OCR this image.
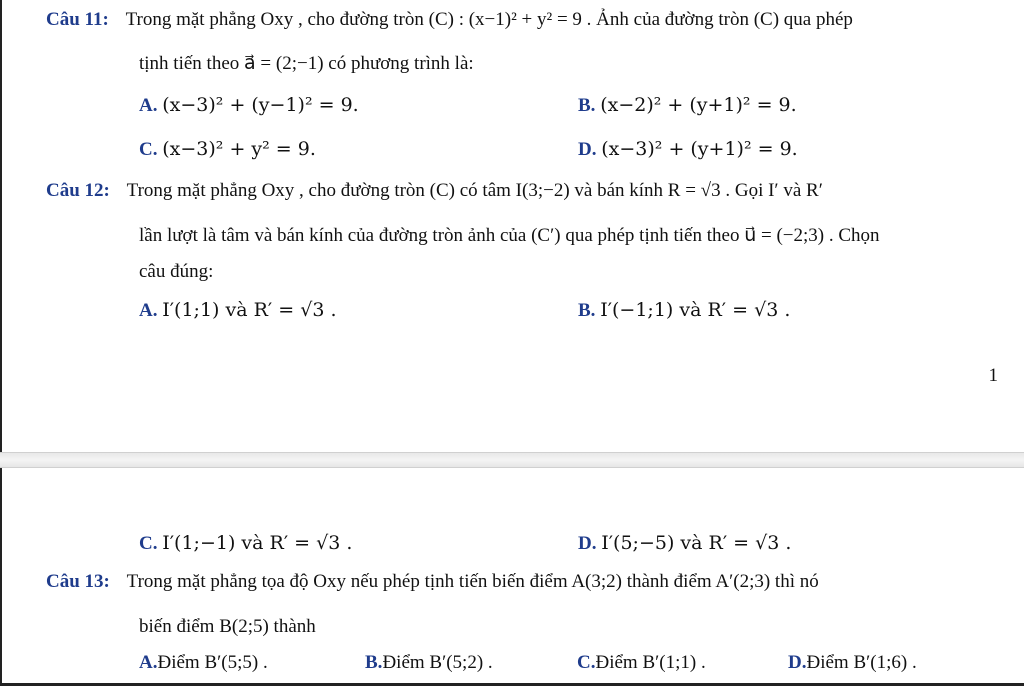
Câu 11: Trong mặt phẳng Oxy , cho đường tròn (C) : (x−1)² + y² = 9 . Ảnh của đường tròn (C) qua phép
tịnh tiến theo a⃗ = (2;−1) có phương trình là:
A. (x−3)² + (y−1)² = 9.	B. (x−2)² + (y+1)² = 9.
C. (x−3)² + y² = 9.	D. (x−3)² + (y+1)² = 9.
Câu 12: Trong mặt phẳng Oxy , cho đường tròn (C) có tâm I(3;−2) và bán kính R = √3 . Gọi I′ và R′
lần lượt là tâm và bán kính của đường tròn ảnh của (C′) qua phép tịnh tiến theo u⃗ = (−2;3) . Chọn
câu đúng:
A. I′(1;1) và R′ = √3 .	B. I′(−1;1) và R′ = √3 .
1
C. I′(1;−1) và R′ = √3 .	D. I′(5;−5) và R′ = √3 .
Câu 13: Trong mặt phẳng tọa độ Oxy nếu phép tịnh tiến biến điểm A(3;2) thành điểm A′(2;3) thì nó
biến điểm B(2;5) thành
A.Điểm B′(5;5) .	B.Điểm B′(5;2) .	C.Điểm B′(1;1) .	D.Điểm B′(1;6) .
